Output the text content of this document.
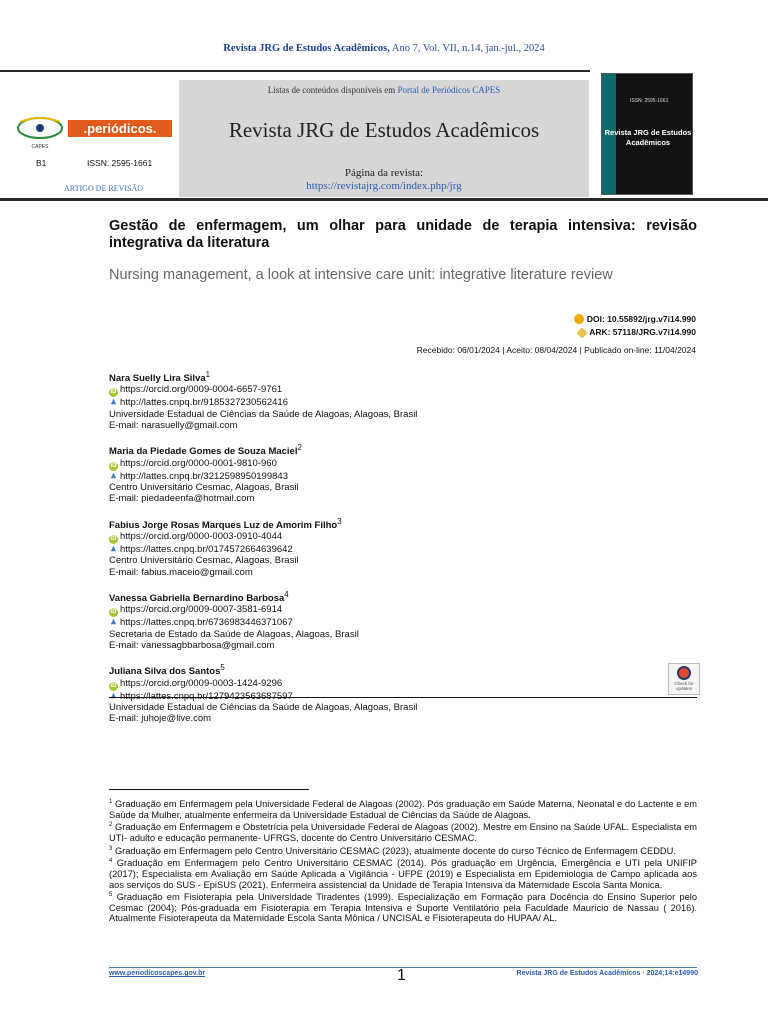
Revista JRG de Estudos Acadêmicos, Ano 7, Vol. VII, n.14, jan.-jul., 2024
.periódicos.
CAPES
B1	ISSN: 2595-1661
ARTIGO DE REVISÃO
Listas de conteúdos disponíveis em Portal de Periódicos CAPES
Revista JRG de Estudos Acadêmicos
Página da revista:
https://revistajrg.com/index.php/jrg
ISSN: 2595-1661
Revista JRG de Estudos Acadêmicos
Gestão de enfermagem, um olhar para unidade de terapia intensiva: revisão integrativa da literatura
Nursing management, a look at intensive care unit: integrative literature review
DOI: 10.55892/jrg.v7i14.990
ARK: 57118/JRG.v7i14.990
Recebido: 06/01/2024 | Aceito: 08/04/2024 | Publicado on-line: 11/04/2024
Nara Suelly Lira Silva$^1$
iD https://orcid.org/0009-0004-6657-9761
http://lattes.cnpq.br/9185327230562416
Universidade Estadual de Ciências da Saúde de Alagoas, Alagoas, Brasil
E-mail: narasuelly@gmail.com
Maria da Piedade Gomes de Souza Maciel$^2$
iD https://orcid.org/0000-0001-9810-960
http://lattes.cnpq.br/3212598950199843
Centro Universitário Cesmac, Alagoas, Brasil
E-mail: piedadeenfa@hotmail.com
Fabius Jorge Rosas Marques Luz de Amorim Filho$^3$
iD https://orcid.org/0000-0003-0910-4044
https://lattes.cnpq.br/0174572664639642
Centro Universitário Cesmac, Alagoas, Brasil
E-mail: fabius.maceio@gmail.com
Vanessa Gabriella Bernardino Barbosa$^4$
iD https://orcid.org/0009-0007-3581-6914
https://lattes.cnpq.br/6736983446371067
Secretaria de Estado da Saúde de Alagoas, Alagoas, Brasil
E-mail: vanessagbbarbosa@gmail.com
Juliana Silva dos Santos$^5$
iD https://orcid.org/0009-0003-1424-9296
Universidade Estadual de Ciências da Saúde de Alagoas, Alagoas, Brasil
E-mail: juhoje@live.com
Check for updates

$^1$ Graduação em Enfermagem pela Universidade Federal de Alagoas (2002). Pós graduação em Saúde Materna, Neonatal e do Lactente e em Saúde da Mulher, atualmente enfermeira da Universidade Estadual de Ciências da Saúde de Alagoas.

$^2$ Graduação em Enfermagem e Obstetrícia pela Universidade Federal de Alagoas (2002). Mestre em Ensino na Saúde UFAL. Especialista em UTI- adulto e educação permanente- UFRGS, docente do Centro Universitário CESMAC.

$^3$ Graduação em Enfermagem pelo Centro Universitário CESMAC (2023), atualmente docente do curso Técnico de Enfermagem CEDDU.

$^4$ Graduação em Enfermagem pelo Centro Universitário CESMAC (2014). Pós graduação em Urgência, Emergência e UTI pela UNIFIP (2017); Especialista em Avaliação em Saúde Aplicada a Vigilância - UFPE (2019) e Especialista em Epidemiologia de Campo aplicada aos aos serviços do SUS - EpiSUS (2021). Enfermeira assistencial da Unidade de Terapia Intensiva da Maternidade Escola Santa Monica.

$^5$ Graduação em Fisioterapia pela Universidade Tiradentes (1999). Especialização em Formação para Docência do Ensino Superior pelo Cesmac (2004); Pós-graduada em Fisioterapia em Terapia Intensiva e Suporte Ventilatório pela Faculdade Maurício de Nassau ( 2016). Atualmente Fisioterapeuta da Maternidade Escola Santa Mônica / UNCISAL e Fisioterapeuta do HUPAA/ AL.

www.periodicoscapes.gov.br	1	Revista JRG de Estudos Acadêmicos · 2024;14:e14990
